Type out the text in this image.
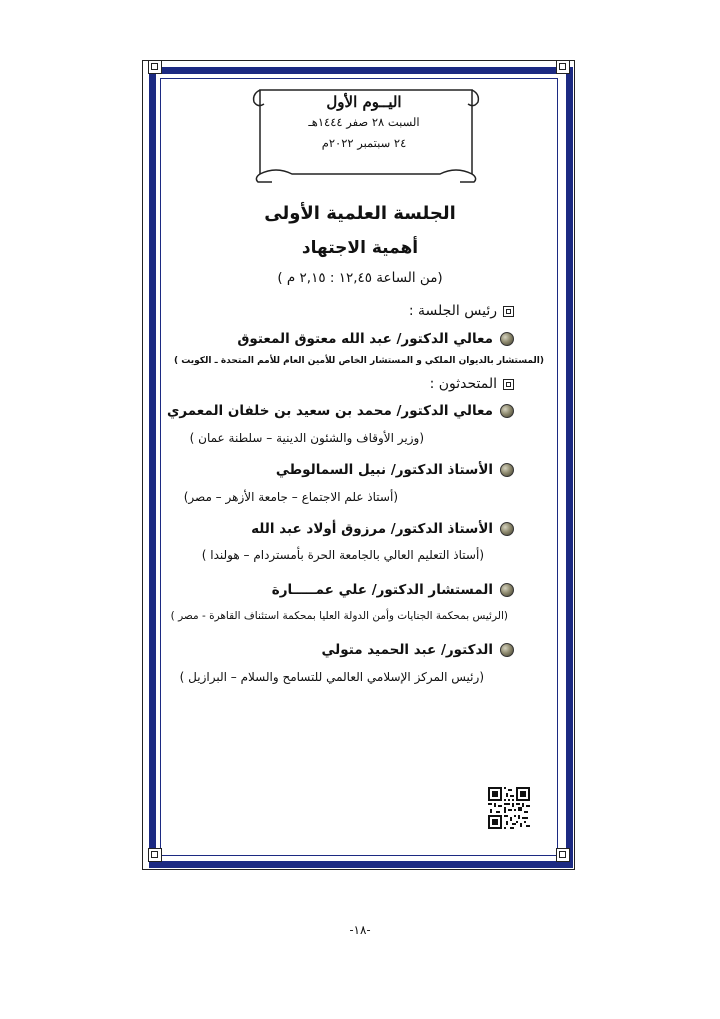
اليــوم الأول
السبت ٢٨ صفر ١٤٤٤هـ
٢٤ سبتمبر ٢٠٢٢م
الجلسة العلمية الأولى
أهمية الاجتهاد
(من الساعة ١٢,٤٥ : ٢,١٥ م )
رئيس الجلسة :
معالي الدكتور/ عبد الله معتوق المعتوق
(المستشار بالديوان الملكي و المستشار الخاص للأمين العام للأمم المتحدة ـ الكويت )
المتحدثون :
معالي الدكتور/ محمد بن سعيد بن خلفان المعمري
(وزير الأوقاف والشئون الدينية – سلطنة عمان )
الأستاذ الدكتور/ نبيل السمالوطي
(أستاذ علم الاجتماع – جامعة الأزهر – مصر)
الأستاذ الدكتور/ مرزوق أولاد عبد الله
(أستاذ التعليم العالي بالجامعة الحرة بأمستردام – هولندا )
المستشار الدكتور/ علي عمـــــارة
(الرئيس بمحكمة الجنايات وأمن الدولة العليا بمحكمة استئناف القاهرة - مصر )
الدكتور/ عبد الحميد متولي
(رئيس المركز الإسلامي العالمي للتسامح والسلام – البرازيل )
-١٨-
